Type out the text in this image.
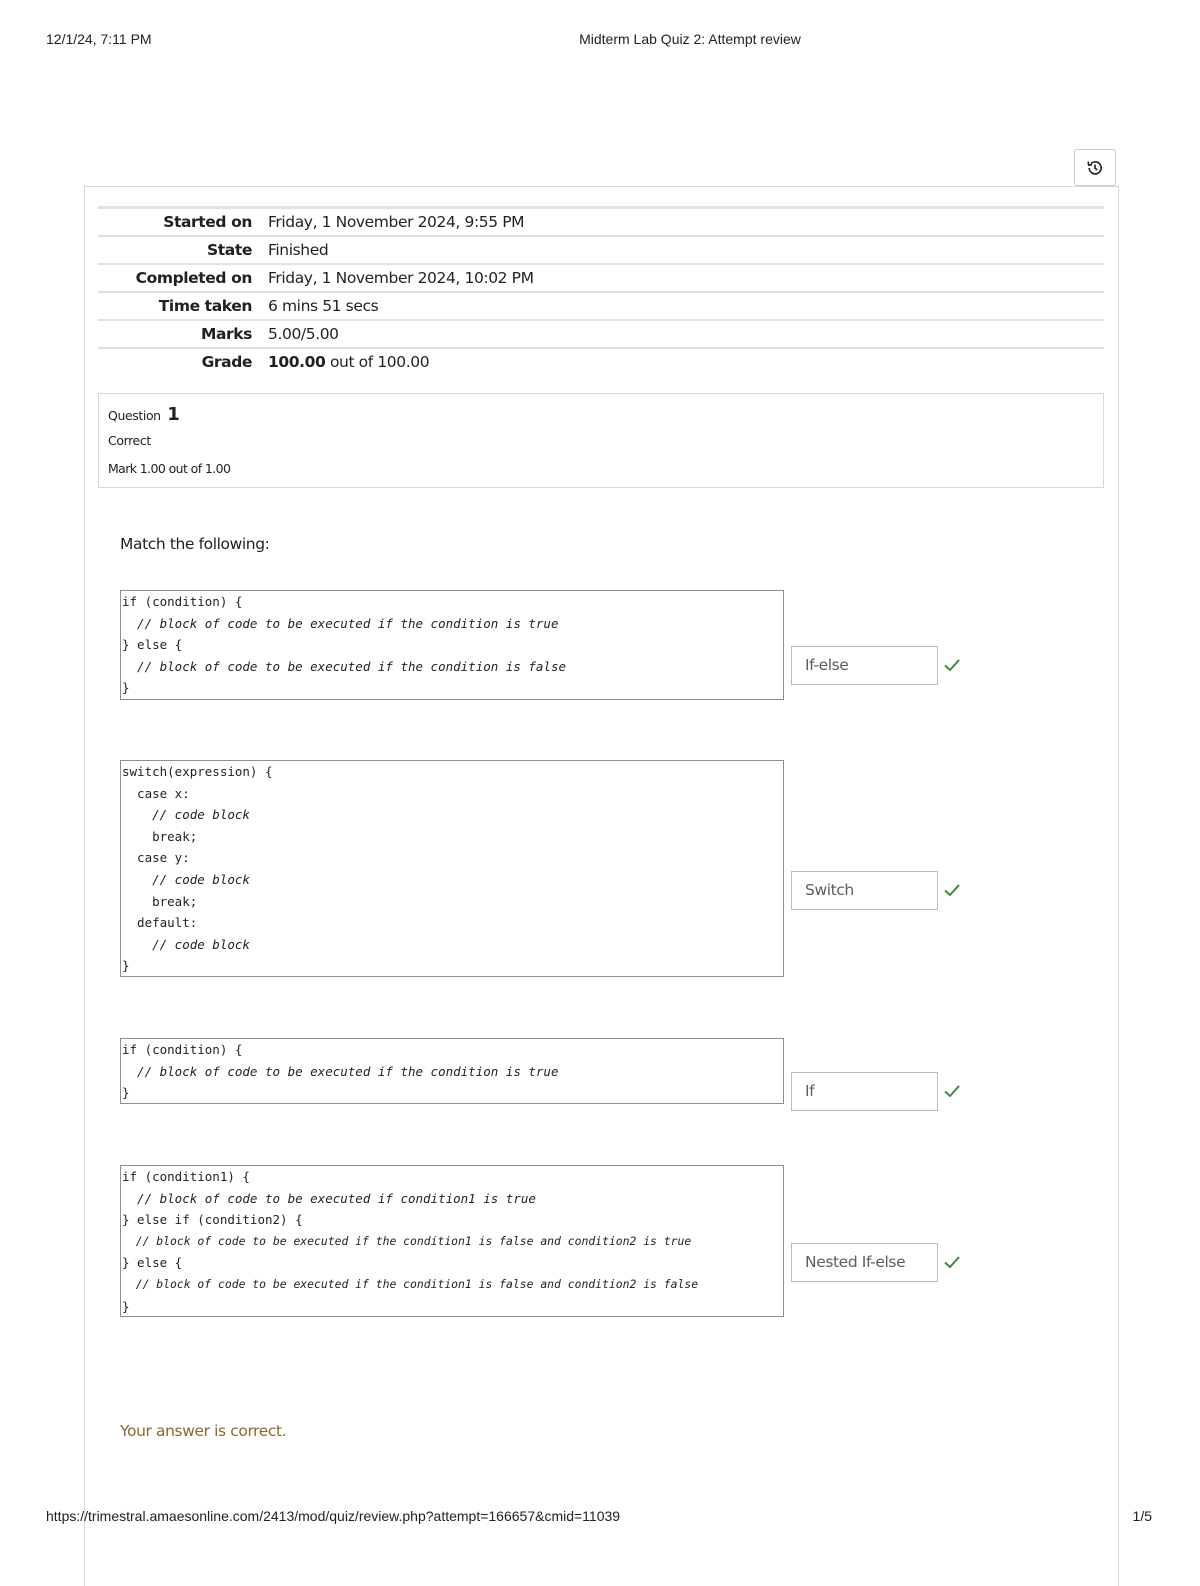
12/1/24, 7:11 PM	Midterm Lab Quiz 2: Attempt review
Started on	Friday, 1 November 2024, 9:55 PM
State	Finished
Completed on	Friday, 1 November 2024, 10:02 PM
Time taken	6 mins 51 secs
Marks	5.00/5.00
Grade	100.00 out of 100.00
Question 1
Correct
Mark 1.00 out of 1.00
Match the following:
if (condition) {
// block of code to be executed if the condition is true
} else {
// block of code to be executed if the condition is false
}
If-else
switch(expression) {
case x:
// code block
break;
case y:
// code block
break;
default:
// code block
}
Switch
if (condition) {
// block of code to be executed if the condition is true
}	If
if (condition1) {
// block of code to be executed if condition1 is true
} else if (condition2) {
// block of code to be executed if the condition1 is false and condition2 is true
} else {
// block of code to be executed if the condition1 is false and condition2 is false
}
Nested If-else
Your answer is correct.
https://trimestral.amaesonline.com/2413/mod/quiz/review.php?attempt=166657&cmid=11039	1/5
